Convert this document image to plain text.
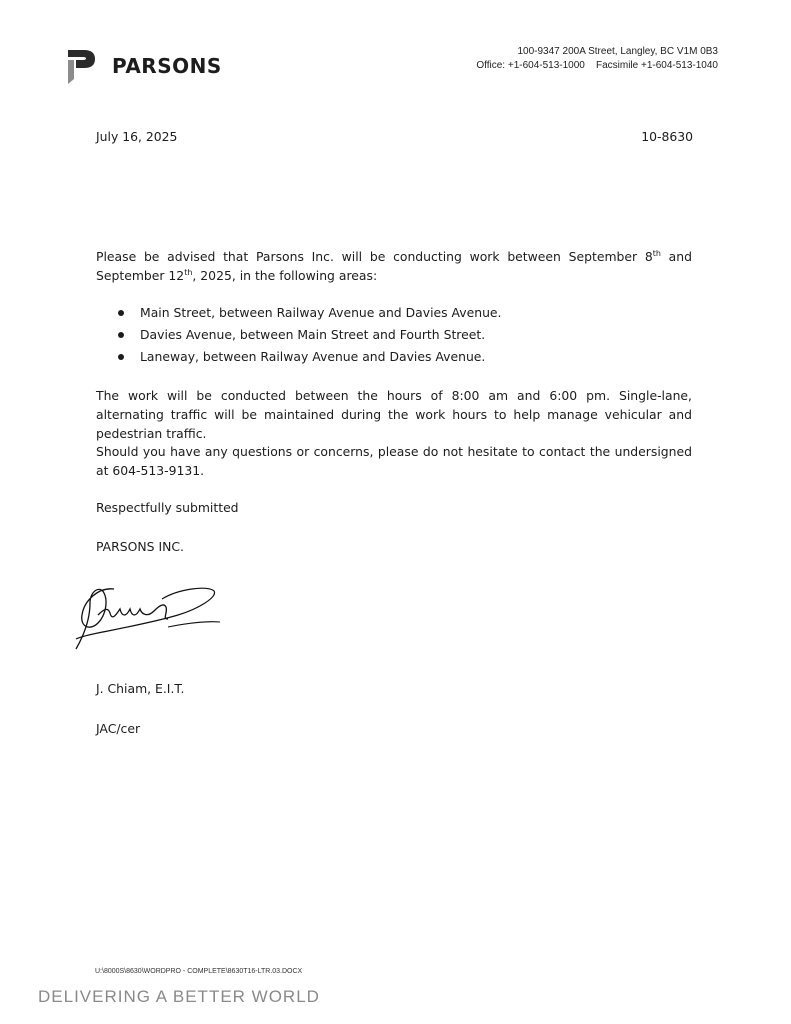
PARSONS
100-9347 200A Street, Langley, BC V1M 0B3
Office: +1-604-513-1000    Facsimile +1-604-513-1040
July 16, 2025	10-8630
Please be advised that Parsons Inc. will be conducting work between September 8th and September 12th, 2025, in the following areas:
Main Street, between Railway Avenue and Davies Avenue.
Davies Avenue, between Main Street and Fourth Street.
Laneway, between Railway Avenue and Davies Avenue.
The work will be conducted between the hours of 8:00 am and 6:00 pm. Single-lane, alternating traffic will be maintained during the work hours to help manage vehicular and pedestrian traffic.
Should you have any questions or concerns, please do not hesitate to contact the undersigned at 604-513-9131.
Respectfully submitted
PARSONS INC.
J. Chiam, E.I.T.
JAC/cer
U:\8000S\8630\WORDPRO - COMPLETE\8630T16-LTR.03.DOCX
DELIVERING A BETTER WORLD
